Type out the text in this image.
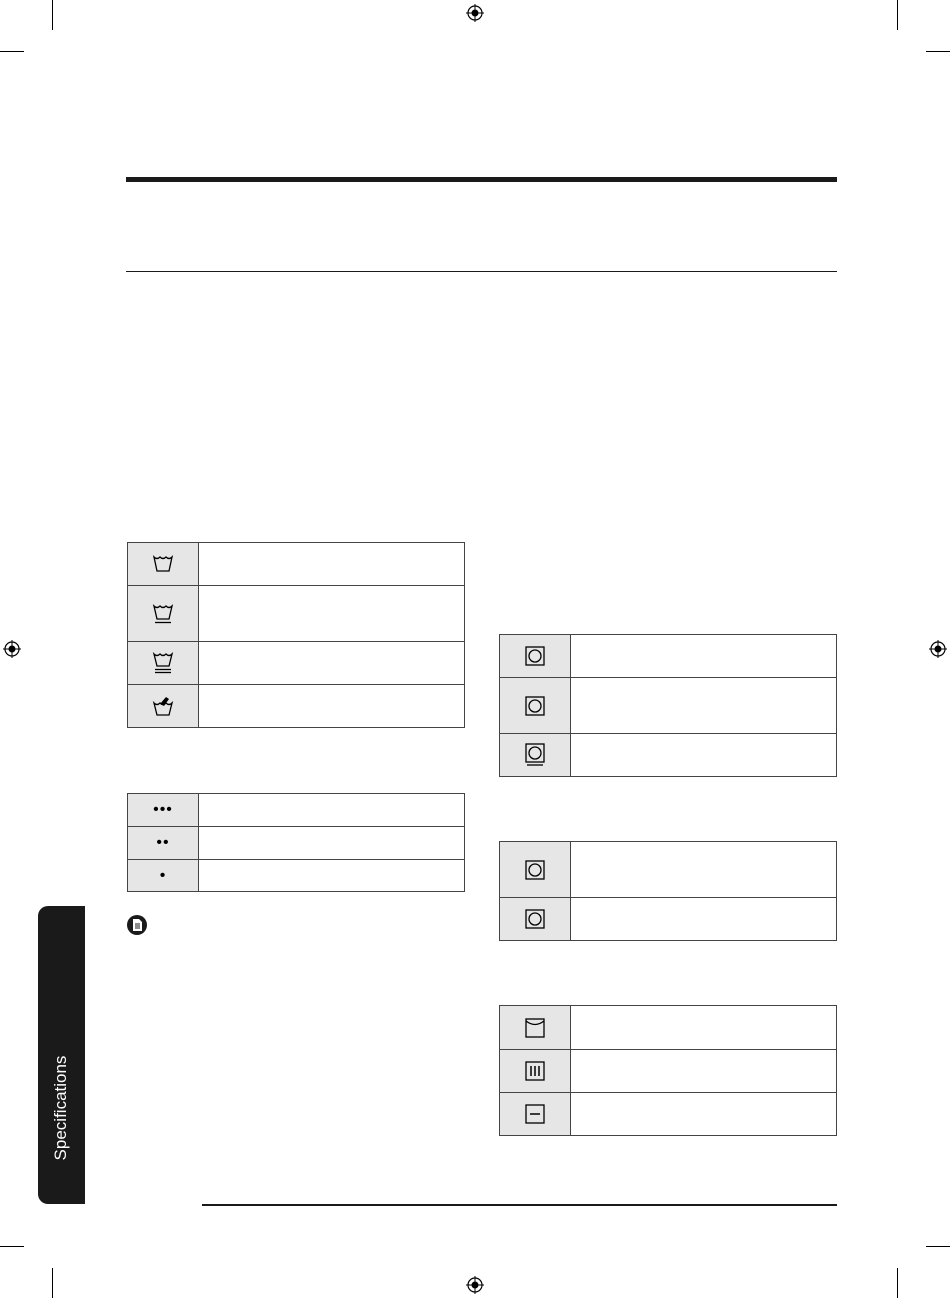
•••	
••	
•	

Specifications
